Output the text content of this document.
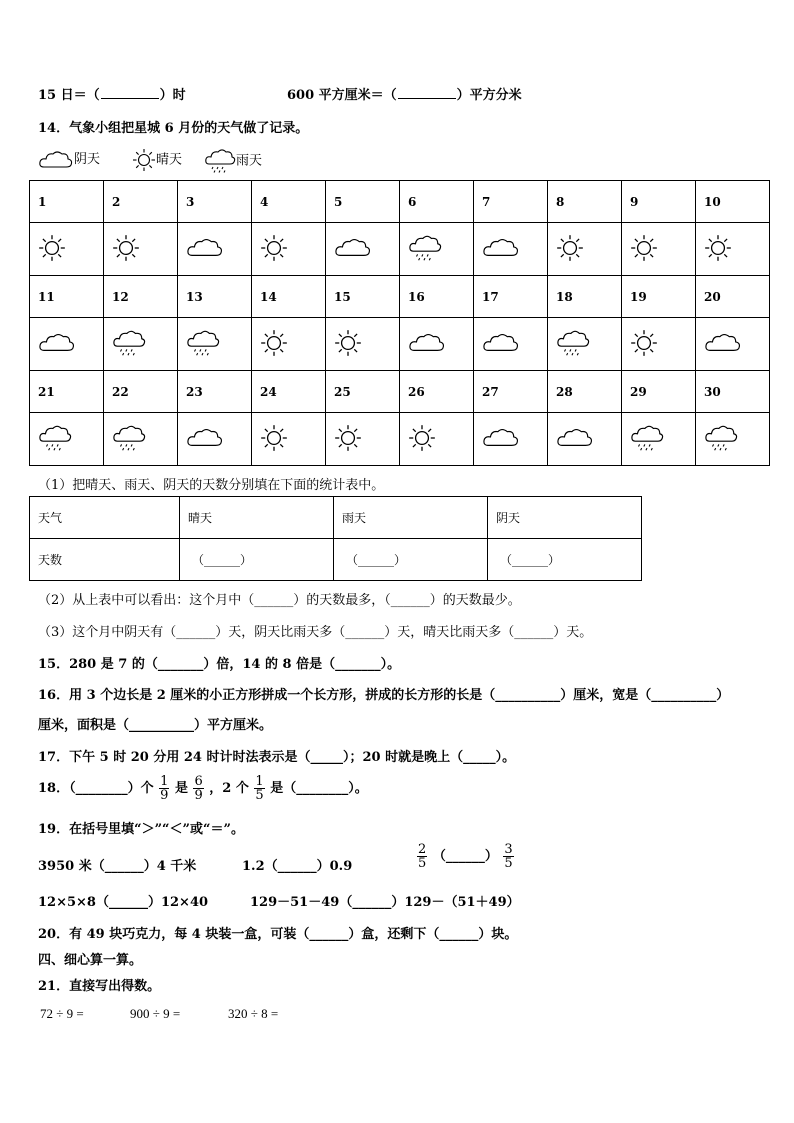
15 日＝（	）时	600 平方厘米＝（	）平方分米
14．气象小组把星城 6 月份的天气做了记录。
阴天	晴天	雨天
1	2	3	4	5	6	7	8	9	10

11	12	13	14	15	16	17	18	19	20

21	22	23	24	25	26	27	28	29	30

（1）把晴天、雨天、阴天的天数分别填在下面的统计表中。
天气	晴天	雨天	阴天
天数	（______）	（______）	（______）
（2）从上表中可以看出：这个月中（______）的天数最多，（______）的天数最少。
（3）这个月中阴天有（______）天，阴天比雨天多（______）天，晴天比雨天多（______）天。
15．280 是 7 的（_______）倍，14 的 8 倍是（_______）。
16．用 3 个边长是 2 厘米的小正方形拼成一个长方形，拼成的长方形的长是（__________）厘米，宽是（__________）
厘米，面积是（__________）平方厘米。
17．下午 5 时 20 分用 24 时计时法表示是（_____）；20 时就是晚上（_____）。
18．（________）个 $\frac{1}{9}$ 是 $\frac{6}{9}$ ，2 个 $\frac{1}{5}$ 是（________）。
19．在括号里填“＞”“＜”或“＝”。
3950 米（______）4 千米	1.2（______）0.9	$\frac{2}{5}$ （______） $\frac{3}{5}$
12×5×8（______）12×40	129－51－49（______）129－（51＋49）
20．有 49 块巧克力，每 4 块装一盒，可装（______）盒，还剩下（______）块。
四、细心算一算。
21．直接写出得数。
72 ÷ 9 =	900 ÷ 9 =	320 ÷ 8 =
